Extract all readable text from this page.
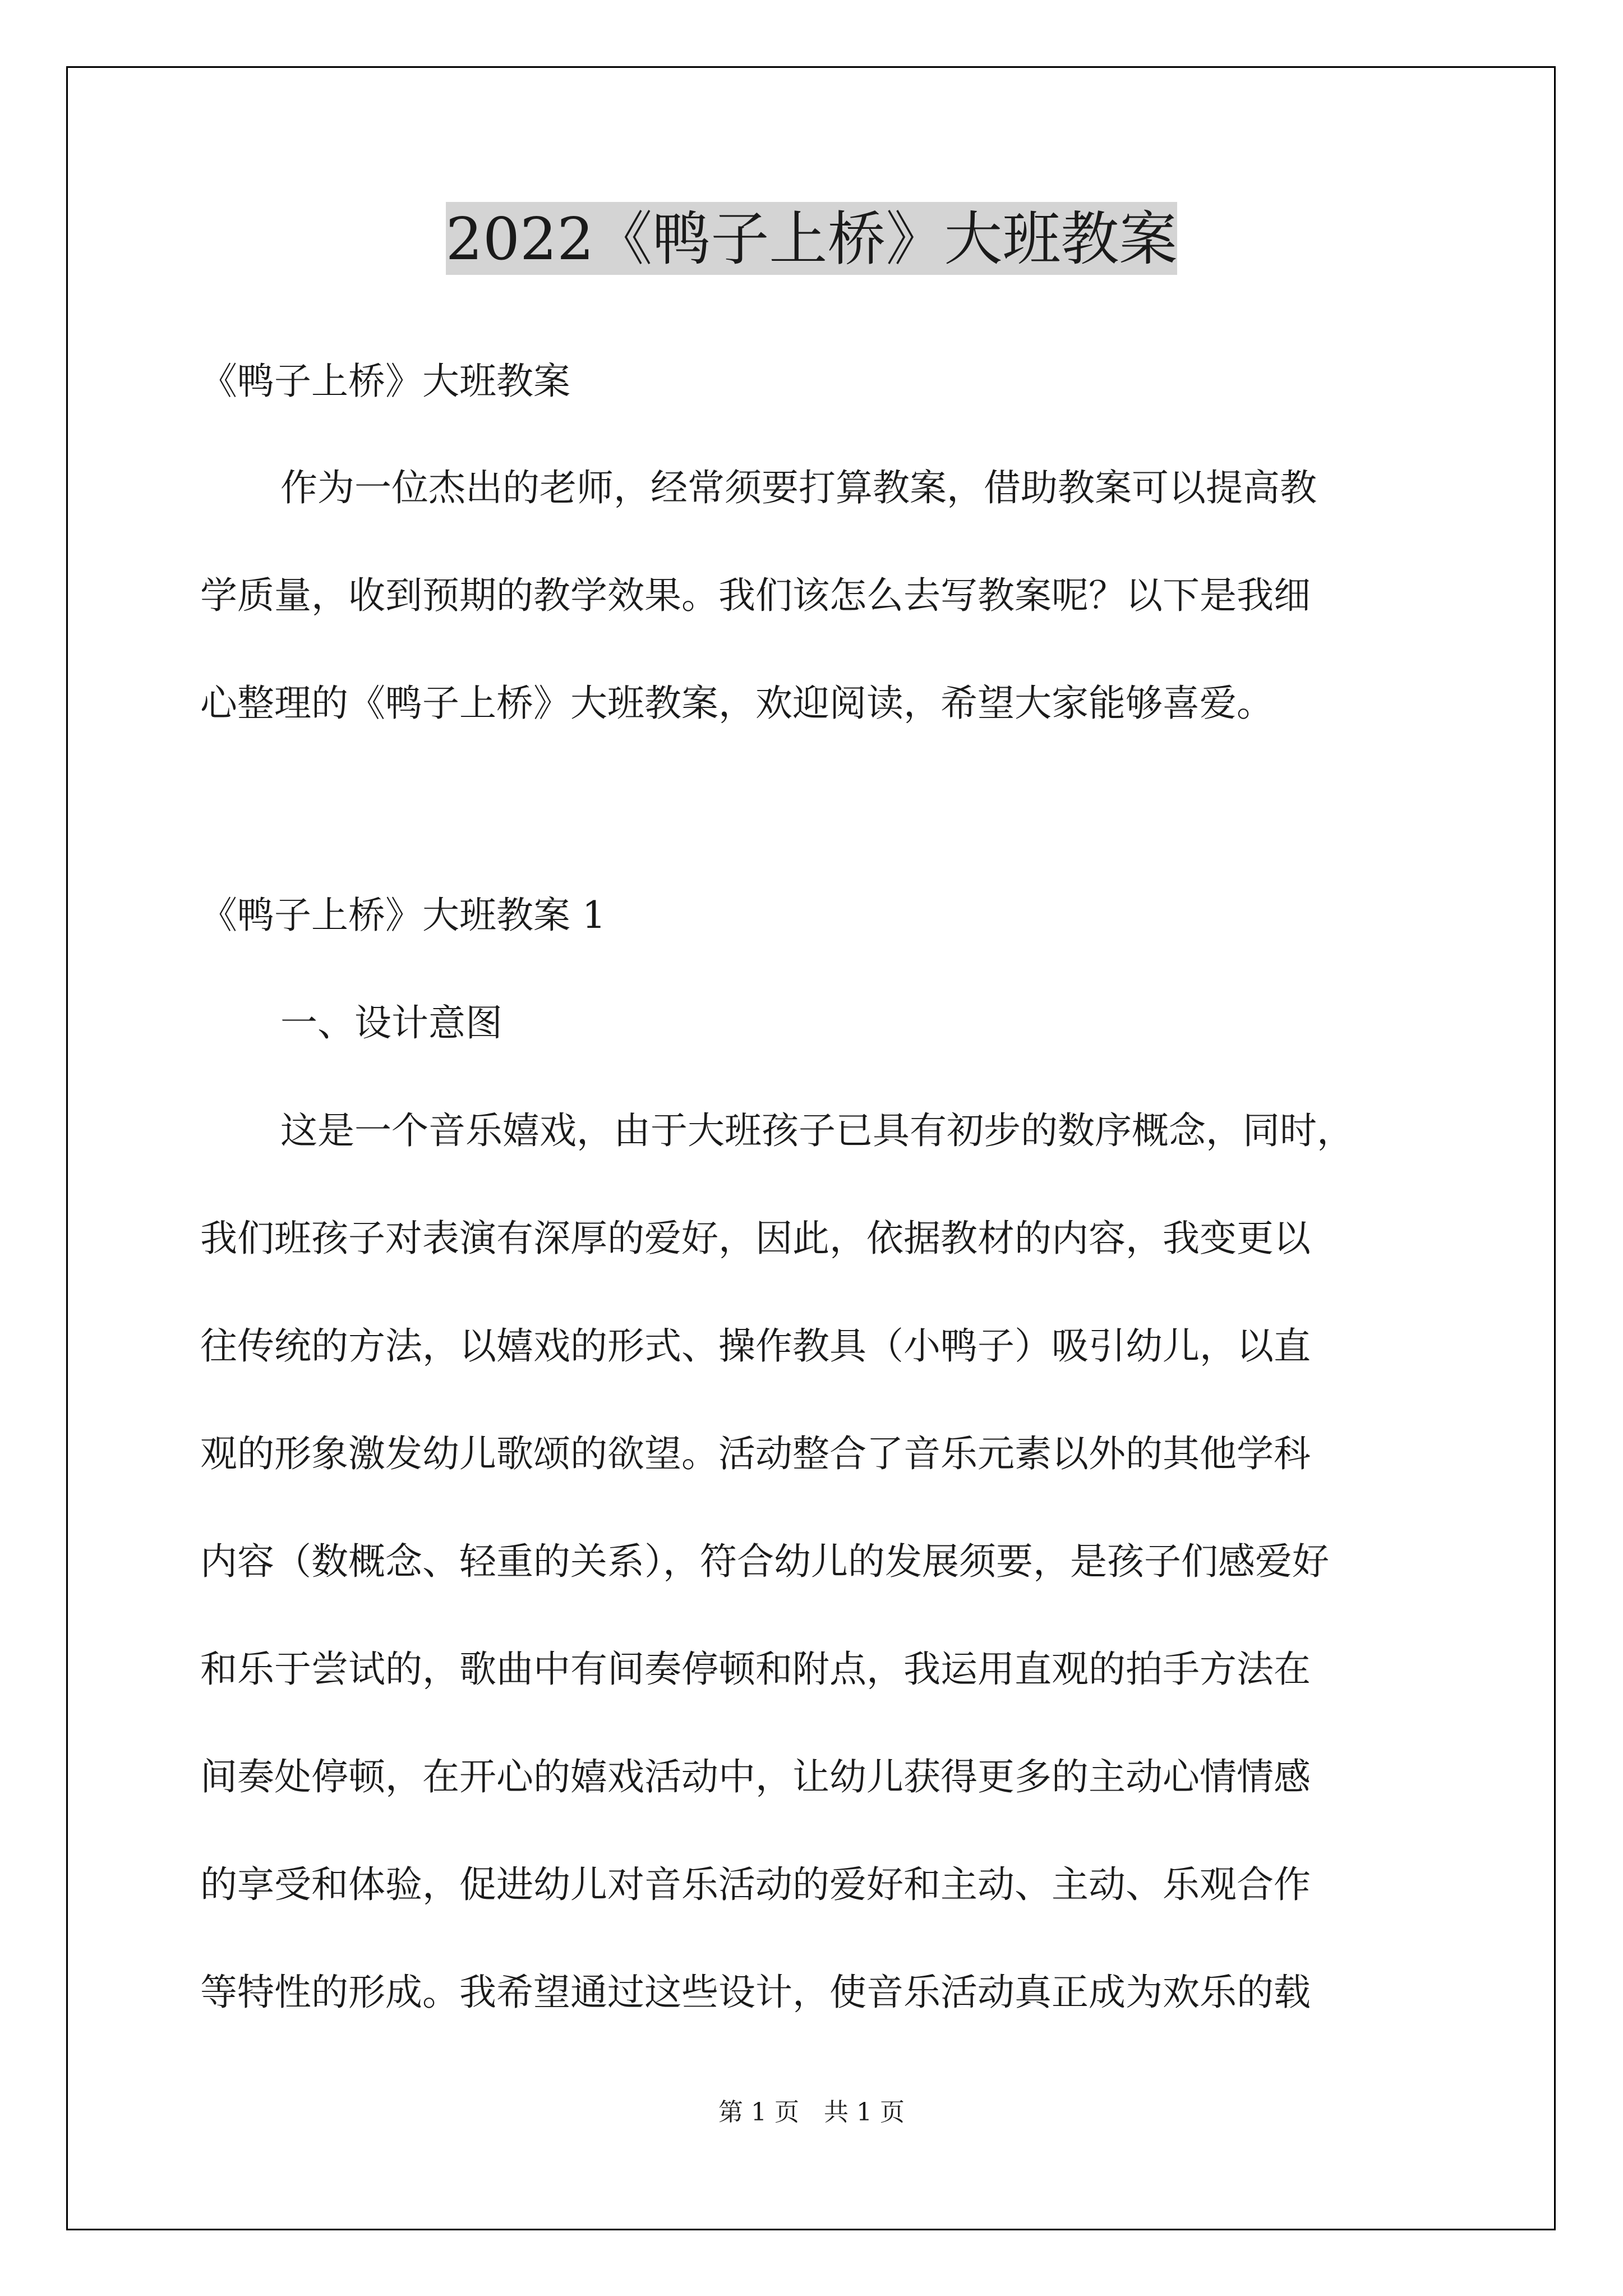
2022《鸭子上桥》大班教案
《鸭子上桥》大班教案
作为一位杰出的老师，经常须要打算教案，借助教案可以提高教
学质量，收到预期的教学效果。我们该怎么去写教案呢？以下是我细
心整理的《鸭子上桥》大班教案，欢迎阅读，希望大家能够喜爱。
《鸭子上桥》大班教案 1
一、设计意图
这是一个音乐嬉戏，由于大班孩子已具有初步的数序概念，同时，
我们班孩子对表演有深厚的爱好，因此，依据教材的内容，我变更以
往传统的方法，以嬉戏的形式、操作教具（小鸭子）吸引幼儿，以直
观的形象激发幼儿歌颂的欲望。活动整合了音乐元素以外的其他学科
内容（数概念、轻重的关系），符合幼儿的发展须要，是孩子们感爱好
和乐于尝试的，歌曲中有间奏停顿和附点，我运用直观的拍手方法在
间奏处停顿，在开心的嬉戏活动中，让幼儿获得更多的主动心情情感
的享受和体验，促进幼儿对音乐活动的爱好和主动、主动、乐观合作
等特性的形成。我希望通过这些设计，使音乐活动真正成为欢乐的载
第 1 页　共 1 页
